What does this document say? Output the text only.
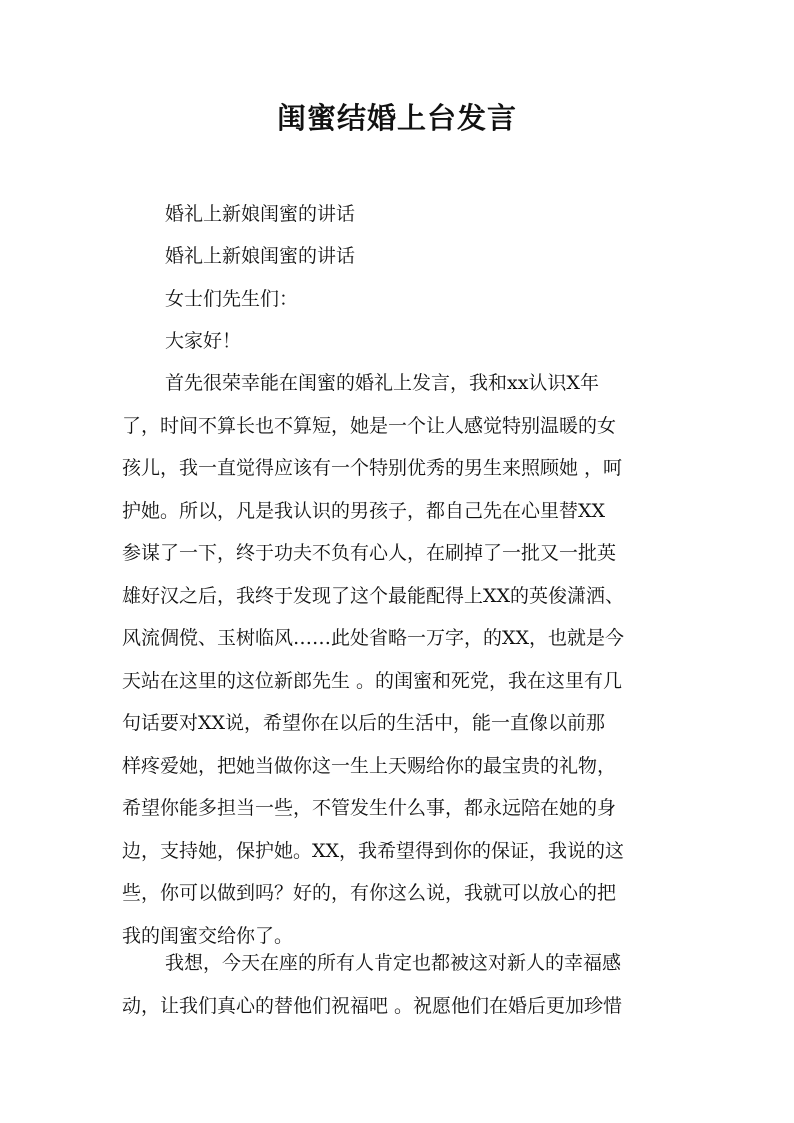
闺蜜结婚上台发言

婚礼上新娘闺蜜的讲话

婚礼上新娘闺蜜的讲话

女士们先生们：

大家好！

首先很荣幸能在闺蜜的婚礼上发言，我和xx认识X年
了，时间不算长也不算短，她是一个让人感觉特别温暖的女
孩儿，我一直觉得应该有一个特别优秀的男生来照顾她 ，呵
护她。所以，凡是我认识的男孩子，都自己先在心里替XX
参谋了一下，终于功夫不负有心人，在刷掉了一批又一批英
雄好汉之后，我终于发现了这个最能配得上XX的英俊潇洒、
风流倜傥、玉树临风……此处省略一万字，的XX，也就是今
天站在这里的这位新郎先生 。的闺蜜和死党，我在这里有几
句话要对XX说，希望你在以后的生活中，能一直像以前那
样疼爱她，把她当做你这一生上天赐给你的最宝贵的礼物，
希望你能多担当一些，不管发生什么事，都永远陪在她的身
边，支持她，保护她。XX，我希望得到你的保证，我说的这
些，你可以做到吗？好的，有你这么说，我就可以放心的把
我的闺蜜交给你了。
我想，今天在座的所有人肯定也都被这对新人的幸福感
动，让我们真心的替他们祝福吧 。祝愿他们在婚后更加珍惜
